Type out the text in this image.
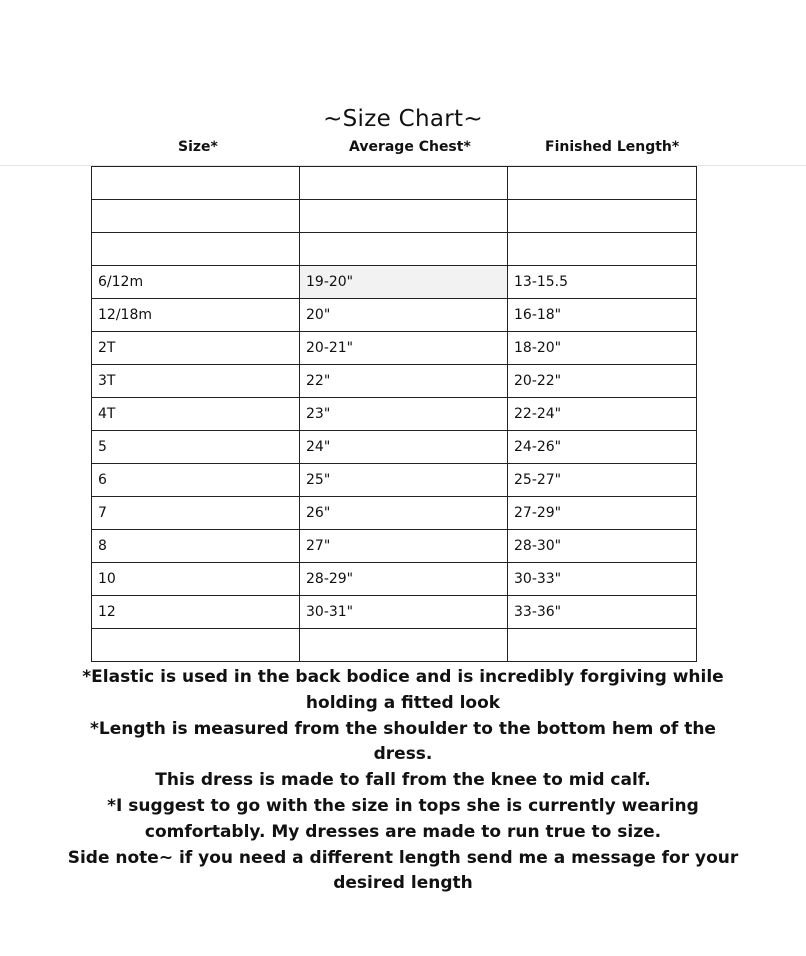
~Size Chart~
Size*	Average Chest*	Finished Length*

6/12m	19-20"	13-15.5
12/18m	20"	16-18"
2T	20-21"	18-20"
3T	22"	20-22"
4T	23"	22-24"
5	24"	24-26"
6	25"	25-27"
7	26"	27-29"
8	27"	28-30"
10	28-29"	30-33"
12	30-31"	33-36"

*Elastic is used in the back bodice and is incredibly forgiving while

holding a fitted look

*Length is measured from the shoulder to the bottom hem of the dress.

This dress is made to fall from the knee to mid calf.

*I suggest to go with the size in tops she is currently wearing

comfortably. My dresses are made to run true to size.

Side note~ if you need a different length send me a message for your

desired length
